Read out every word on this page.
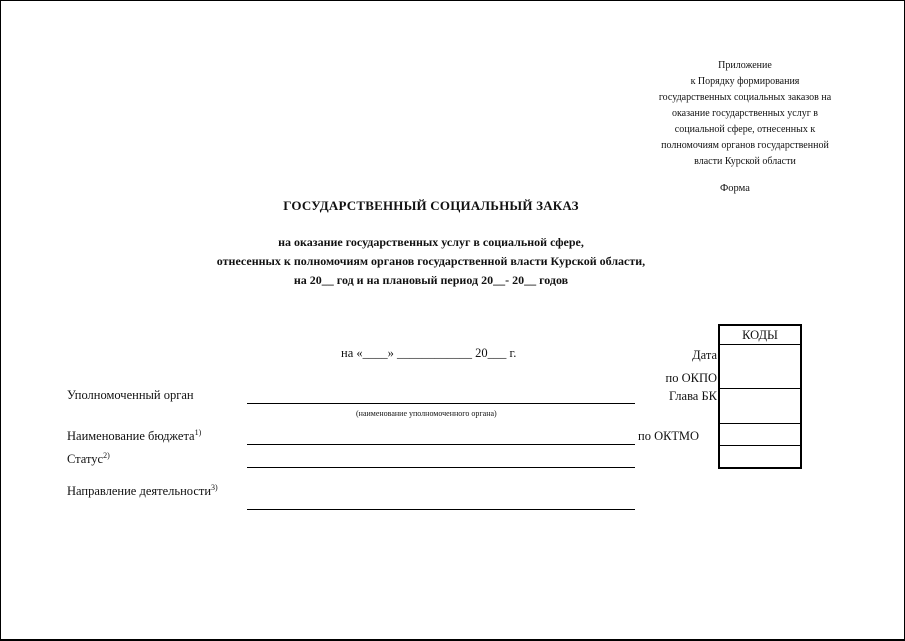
Приложение
к Порядку формирования
государственных социальных заказов на
оказание государственных услуг в
социальной сфере, отнесенных к
полномочиям органов государственной
власти Курской области
Форма
ГОСУДАРСТВЕННЫЙ СОЦИАЛЬНЫЙ ЗАКАЗ
на оказание государственных услуг в социальной сфере,
отнесенных к полномочиям органов государственной власти Курской области,
на 20__ год и на плановый период 20__- 20__ годов
на «____» ____________ 20___ г.
Уполномоченный орган
(наименование уполномоченного органа)
Наименование бюджета$^{1)}$
Статус$^{2)}$
Направление деятельности$^{3)}$
Дата
по ОКПО
Глава БК
по ОКТМО
КОДЫ
